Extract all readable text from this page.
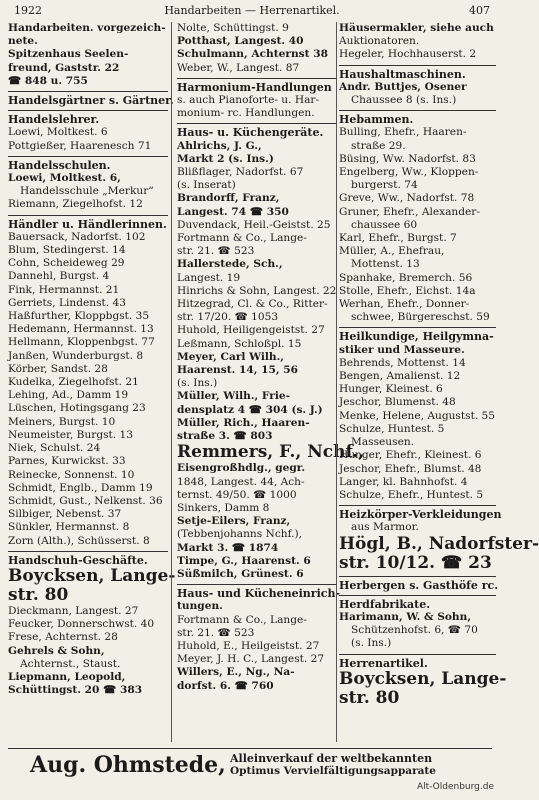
1922	Handarbeiten — Herrenartikel.	407
Handarbeiten. vorgezeich-
nete.
Spitzenhaus Seelen-
freund, Gaststr. 22
☎ 848 u. 755
Handelsgärtner s. Gärtner.
Handelslehrer.
Loewi, Moltkest. 6
Pottgießer, Haarenesch 71
Handelsschulen.
Loewi, Moltkest. 6,
Handelsschule „Merkur“
Riemann, Ziegelhofst. 12
Händler u. Händlerinnen.
Bauersack, Nadorfst. 102
Blum, Stedingerst. 14
Cohn, Scheideweg 29
Dannehl, Burgst. 4
Fink, Hermannst. 21
Gerriets, Lindenst. 43
Haßfurther, Kloppbgst. 35
Hedemann, Hermannst. 13
Hellmann, Kloppenbgst. 77
Janßen, Wunderburgst. 8
Körber, Sandst. 28
Kudelka, Ziegelhofst. 21
Lehing, Ad., Damm 19
Lüschen, Hotingsgang 23
Meiners, Burgst. 10
Neumeister, Burgst. 13
Niek, Schulst. 24
Parnes, Kurwickst. 33
Reinecke, Sonnenst. 10
Schmidt, Englb., Damm 19
Schmidt, Gust., Nelkenst. 36
Silbiger, Nebenst. 37
Sünkler, Hermannst. 8
Zorn (Alth.), Schüsserst. 8
Handschuh-Geschäfte.
Boycksen, Lange-
str. 80
Dieckmann, Langest. 27
Feucker, Donnerschwst. 40
Frese, Achternst. 28
Gehrels & Sohn,
Achternst., Staust.
Liepmann, Leopold,
Schüttingst. 20 ☎ 383
Nolte, Schüttingst. 9
Potthast, Langest. 40
Schulmann, Achternst 38
Weber, W., Langest. 87
Harmonium-Handlungen
s. auch Pianoforte- u. Har-
monium- rc. Handlungen.
Haus- u. Küchengeräte.
Ahlrichs, J. G.,
Markt 2 (s. Ins.)
Blißflager, Nadorfst. 67
(s. Inserat)
Brandorff, Franz,
Langest. 74 ☎ 350
Duvendack, Heil.-Geistst. 25
Fortmann & Co., Lange-
str. 21. ☎ 523
Hallerstede, Sch.,
Langest. 19
Hinrichs & Sohn, Langest. 22
Hitzegrad, Cl. & Co., Ritter-
str. 17/20. ☎ 1053
Huhold, Heiligengeistst. 27
Leßmann, Schloßpl. 15
Meyer, Carl Wilh.,
Haarenst. 14, 15, 56
(s. Ins.)
Müller, Wilh., Frie-
densplatz 4 ☎ 304 (s. J.)
Müller, Rich., Haaren-
straße 3. ☎ 803
Remmers, F., Nchf.,
Eisengroßhdlg., gegr.
1848, Langest. 44, Ach-
ternst. 49/50. ☎ 1000
Sinkers, Damm 8
Setje-Eilers, Franz,
(Tebbenjohanns Nchf.),
Markt 3. ☎ 1874
Timpe, G., Haarenst. 6
Süßmilch, Grünest. 6
Haus- und Kücheneinrich-
tungen.
Fortmann & Co., Lange-
str. 21. ☎ 523
Huhold, E., Heilgeistst. 27
Meyer, J. H. C., Langest. 27
Willers, E., Ng., Na-
dorfst. 6. ☎ 760
Häusermakler, siehe auch
Auktionatoren.
Hegeler, Hochhauserst. 2
Haushaltmaschinen.
Andr. Buttjes, Osener
Chaussee 8 (s. Ins.)
Hebammen.
Bulling, Ehefr., Haaren-
straße 29.
Büsing, Ww. Nadorfst. 83
Engelberg, Ww., Kloppen-
burgerst. 74
Greve, Ww., Nadorfst. 78
Gruner, Ehefr., Alexander-
chaussee 60
Karl, Ehefr., Burgst. 7
Müller, A., Ehefrau,
Mottenst. 13
Spanhake, Bremerch. 56
Stolle, Ehefr., Eichst. 14a
Werhan, Ehefr., Donner-
schwee, Bürgereschst. 59
Heilkundige, Heilgymna-
stiker und Masseure.
Behrends, Mottenst. 14
Bengen, Amalienst. 12
Hunger, Kleinest. 6
Jeschor, Blumenst. 48
Menke, Helene, Augustst. 55
Schulze, Huntest. 5
Masseusen.
Hunger, Ehefr., Kleinest. 6
Jeschor, Ehefr., Blumst. 48
Langer, kl. Bahnhofst. 4
Schulze, Ehefr., Huntest. 5
Heizkörper-Verkleidungen
aus Marmor.
Högl, B., Nadorfster-
str. 10/12. ☎ 23
Herbergen s. Gasthöfe rc.
Herdfabrikate.
Harimann, W. & Sohn,
Schützenhofst. 6, ☎ 70
(s. Ins.)
Herrenartikel.
Boycksen, Lange-
str. 80
Aug. Ohmstede, Alleinverkauf der weltbekannten
Optimus Vervielfältigungsapparate
Alt-Oldenburg.de
